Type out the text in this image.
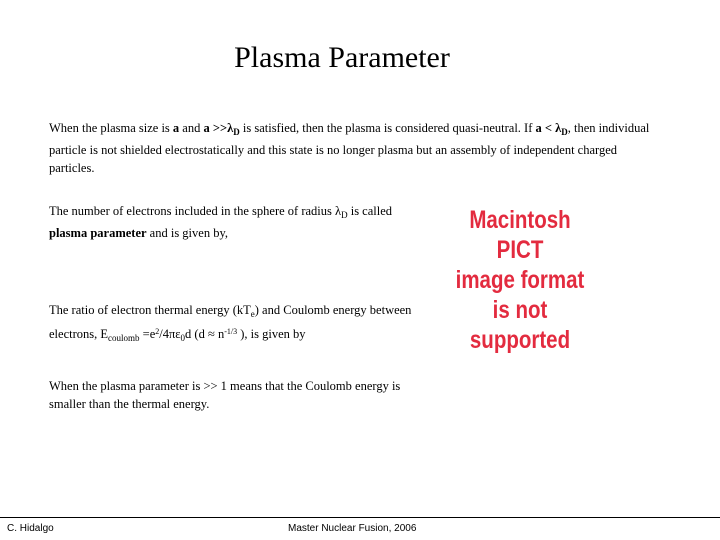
Plasma Parameter
When the plasma size is a and $a >>\lambda_D$ is satisfied, then the plasma is considered quasi-neutral. If $a < \lambda_D$, then individual particle is not shielded electrostatically and this state is no longer plasma but an assembly of independent charged particles.
The number of electrons included in the sphere of radius $\lambda_D$ is called plasma parameter and is given by,
The ratio of electron thermal energy $(kT_e)$ and Coulomb energy between electrons, $E_{coulomb} =e^2/4\pi\varepsilon_0d$ ($d \approx n^{-1/3}$ ), is given by
When the plasma parameter is >> 1 means that the Coulomb energy is smaller than the thermal energy.
Macintosh PICT
image format
is not supported
C. Hidalgo	Master Nuclear Fusion, 2006
